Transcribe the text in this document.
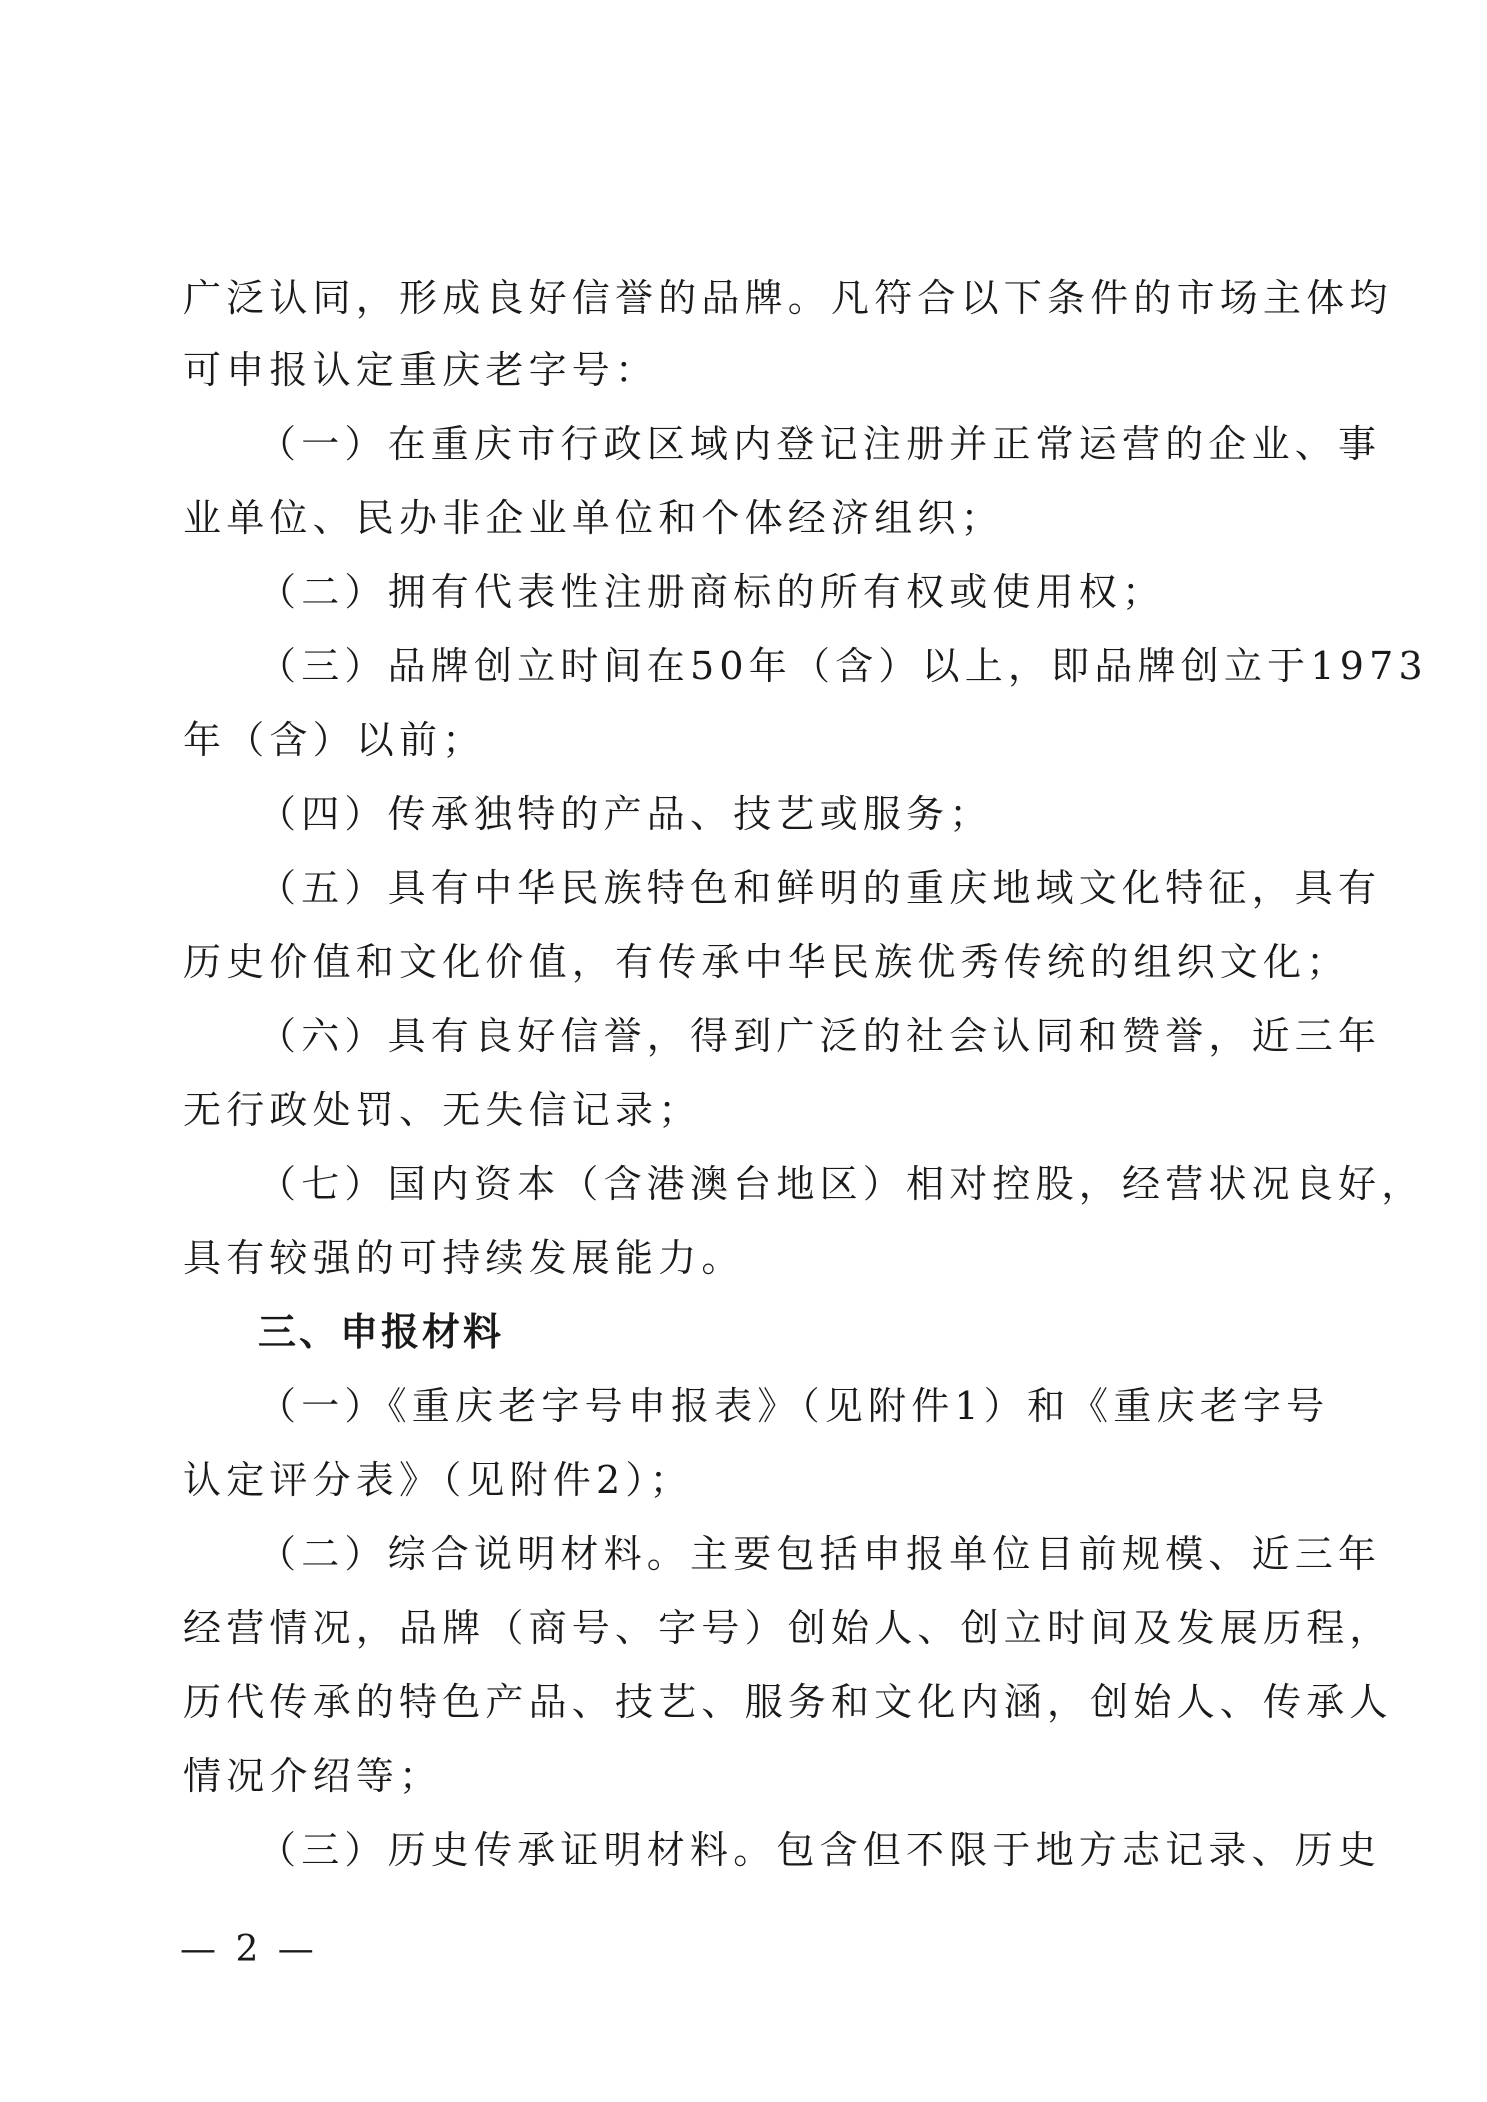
广泛认同，形成良好信誉的品牌。凡符合以下条件的市场主体均
可申报认定重庆老字号：
（一）在重庆市行政区域内登记注册并正常运营的企业、事
业单位、民办非企业单位和个体经济组织；
（二）拥有代表性注册商标的所有权或使用权；
（三）品牌创立时间在50年（含）以上，即品牌创立于1973
年（含）以前；
（四）传承独特的产品、技艺或服务；
（五）具有中华民族特色和鲜明的重庆地域文化特征，具有
历史价值和文化价值，有传承中华民族优秀传统的组织文化；
（六）具有良好信誉，得到广泛的社会认同和赞誉，近三年
无行政处罚、无失信记录；
（七）国内资本（含港澳台地区）相对控股，经营状况良好，
具有较强的可持续发展能力。
三、申报材料
（一）《重庆老字号申报表》（见附件1）和《重庆老字号
认定评分表》（见附件2）；
（二）综合说明材料。主要包括申报单位目前规模、近三年
经营情况，品牌（商号、字号）创始人、创立时间及发展历程，
历代传承的特色产品、技艺、服务和文化内涵，创始人、传承人
情况介绍等；
（三）历史传承证明材料。包含但不限于地方志记录、历史
— 2 —
